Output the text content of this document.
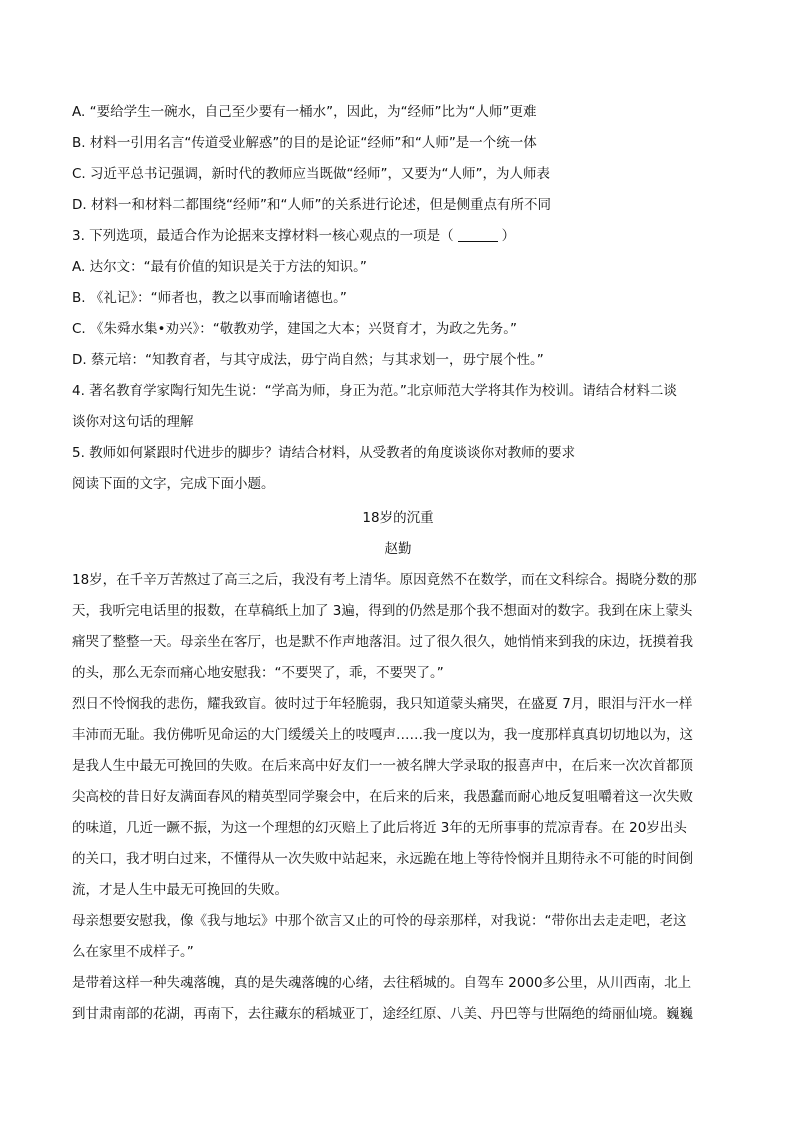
A. “要给学生一碗水，自己至少要有一桶水”，因此，为“经师”比为“人师”更难
B. 材料一引用名言“传道受业解惑”的目的是论证“经师”和“人师”是一个统一体
C. 习近平总书记强调，新时代的教师应当既做“经师”，又要为“人师”，为人师表
D. 材料一和材料二都围绕“经师”和“人师”的关系进行论述，但是侧重点有所不同
3. 下列选项，最适合作为论据来支撑材料一核心观点的一项是（	）
A. 达尔文：“最有价值的知识是关于方法的知识。”
B. 《礼记》：“师者也，教之以事而喻诸德也。”
C. 《朱舜水集•劝兴》：“敬教劝学，建国之大本；兴贤育才，为政之先务。”
D. 蔡元培：“知教育者，与其守成法，毋宁尚自然；与其求划一，毋宁展个性。”
4. 著名教育学家陶行知先生说：“学高为师，身正为范。”北京师范大学将其作为校训。请结合材料二谈
谈你对这句话的理解
5. 教师如何紧跟时代进步的脚步？请结合材料，从受教者的角度谈谈你对教师的要求
阅读下面的文字，完成下面小题。
18岁的沉重
赵勤
18岁，在千辛万苦熬过了高三之后，我没有考上清华。原因竟然不在数学，而在文科综合。揭晓分数的那
天，我听完电话里的报数，在草稿纸上加了 3遍，得到的仍然是那个我不想面对的数字。我到在床上蒙头
痛哭了整整一天。母亲坐在客厅，也是默不作声地落泪。过了很久很久，她悄悄来到我的床边，抚摸着我
的头，那么无奈而痛心地安慰我：“不要哭了，乖，不要哭了。”
烈日不怜悯我的悲伤，耀我致盲。彼时过于年轻脆弱，我只知道蒙头痛哭，在盛夏 7月，眼泪与汗水一样
丰沛而无耻。我仿佛听见命运的大门缓缓关上的吱嘎声……我一度以为，我一度那样真真切切地以为，这
是我人生中最无可挽回的失败。在后来高中好友们一一被名牌大学录取的报喜声中，在后来一次次首都顶
尖高校的昔日好友满面春风的精英型同学聚会中，在后来的后来，我愚蠢而耐心地反复咀嚼着这一次失败
的味道，几近一蹶不振，为这一个理想的幻灭赔上了此后将近 3年的无所事事的荒凉青春。在 20岁出头
的关口，我才明白过来，不懂得从一次失败中站起来，永远跪在地上等待怜悯并且期待永不可能的时间倒
流，才是人生中最无可挽回的失败。
母亲想要安慰我，像《我与地坛》中那个欲言又止的可怜的母亲那样，对我说：“带你出去走走吧，老这
么在家里不成样子。”
是带着这样一种失魂落魄，真的是失魂落魄的心绪，去往稻城的。自驾车 2000多公里，从川西南，北上
到甘肃南部的花湖，再南下，去往藏东的稻城亚丁，途经红原、八美、丹巴等与世隔绝的绮丽仙境。巍巍
